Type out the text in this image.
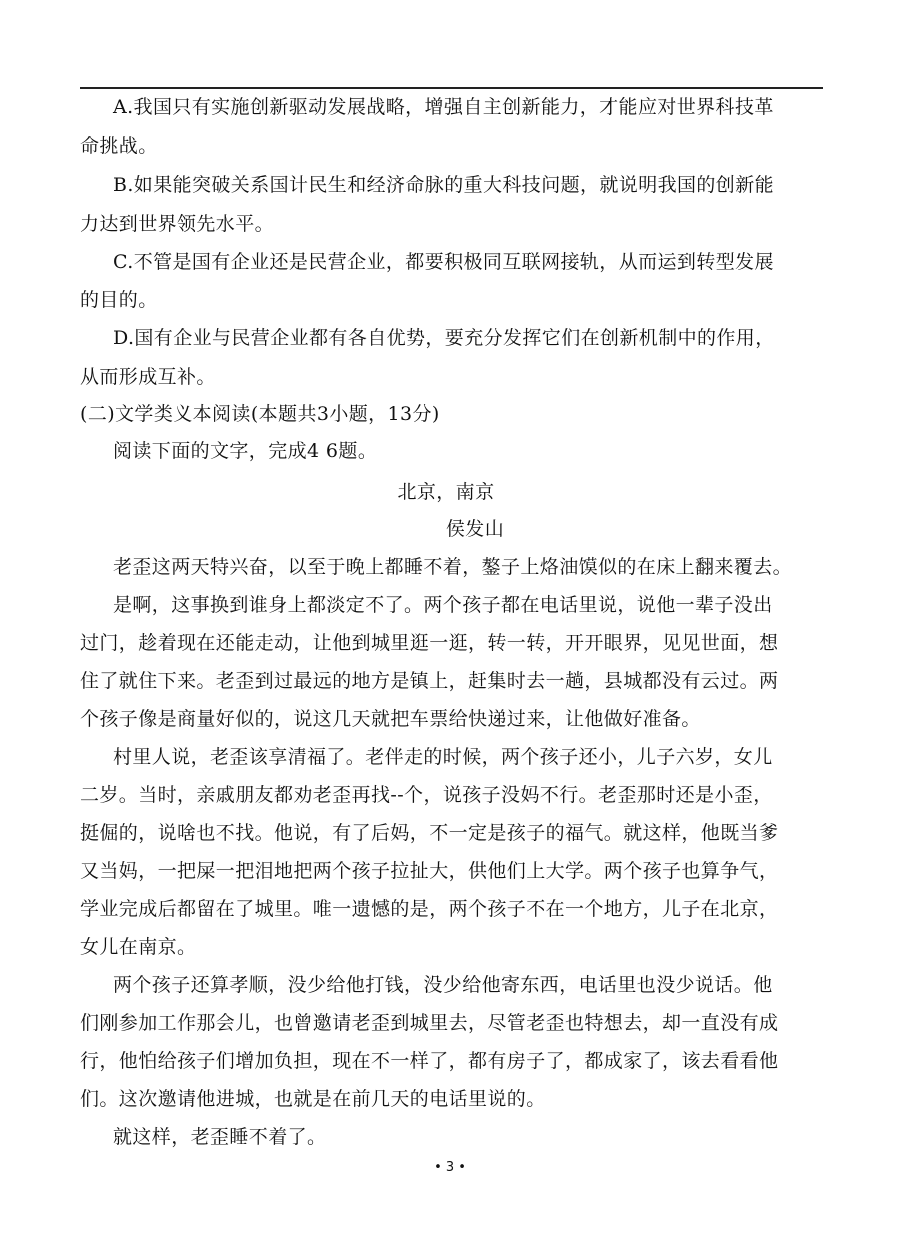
A.我国只有实施创新驱动发展战略，增强自主创新能力，才能应对世界科技革
命挑战。
B.如果能突破关系国计民生和经济命脉的重大科技问题，就说明我国的创新能
力达到世界领先水平。
C.不管是国有企业还是民营企业，都要积极同互联网接轨，从而运到转型发展
的目的。
D.国有企业与民营企业都有各自优势，要充分发挥它们在创新机制中的作用，
从而形成互补。
(二)文学类义本阅读(本题共3小题，13分)
阅读下面的文字，完成4 6题。
北京，南京
侯发山
老歪这两天特兴奋，以至于晚上都睡不着，鏊子上烙油馍似的在床上翻来覆去。
是啊，这事换到谁身上都淡定不了。两个孩子都在电话里说，说他一辈子没出
过门，趁着现在还能走动，让他到城里逛一逛，转一转，开开眼界，见见世面，想
住了就住下来。老歪到过最远的地方是镇上，赶集时去一趟，县城都没有云过。两
个孩子像是商量好似的，说这几天就把车票给快递过来，让他做好准备。
村里人说，老歪该享清福了。老伴走的时候，两个孩子还小，儿子六岁，女儿
二岁。当时，亲戚朋友都劝老歪再找--个，说孩子没妈不行。老歪那时还是小歪，
挺倔的，说啥也不找。他说，有了后妈，不一定是孩子的福气。就这样，他既当爹
又当妈，一把屎一把泪地把两个孩子拉扯大，供他们上大学。两个孩子也算争气，
学业完成后都留在了城里。唯一遗憾的是，两个孩子不在一个地方，儿子在北京，
女儿在南京。
两个孩子还算孝顺，没少给他打钱，没少给他寄东西，电话里也没少说话。他
们刚参加工作那会儿，也曾邀请老歪到城里去，尽管老歪也特想去，却一直没有成
行，他怕给孩子们增加负担，现在不一样了，都有房子了，都成家了，该去看看他
们。这次邀请他进城，也就是在前几天的电话里说的。
就这样，老歪睡不着了。
• 3 •
